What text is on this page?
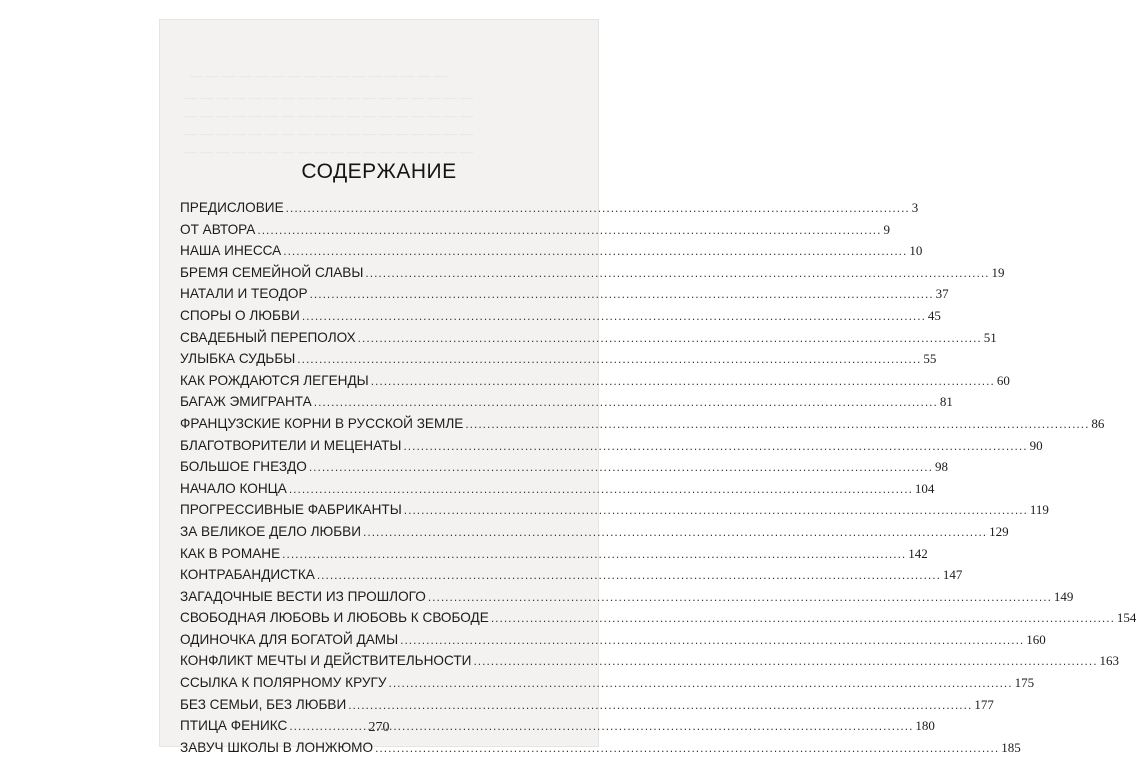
— — — — — — — — — — — — — — — —
— — — — — — — — — — — — — — — — — —
— — — — — — — — — — — — — — — — — —
— — — — — — — — — — — — — — — — — —
— — — — — — — — — — — — — — — — — —
СОДЕРЖАНИЕ
ПРЕДИСЛОВИЕ .....	3
ОТ АВТОРА .....	9
НАША ИНЕССА .....	10
БРЕМЯ СЕМЕЙНОЙ СЛАВЫ .....	19
НАТАЛИ И ТЕОДОР .....	37
СПОРЫ О ЛЮБВИ .....	45
СВАДЕБНЫЙ ПЕРЕПОЛОХ .....	51
УЛЫБКА СУДЬБЫ .....	55
КАК РОЖДАЮТСЯ ЛЕГЕНДЫ .....	60
БАГАЖ ЭМИГРАНТА .....	81
ФРАНЦУЗСКИЕ КОРНИ В РУССКОЙ ЗЕМЛЕ .....	86
БЛАГОТВОРИТЕЛИ И МЕЦЕНАТЫ .....	90
БОЛЬШОЕ ГНЕЗДО .....	98
НАЧАЛО КОНЦА .....	104
ПРОГРЕССИВНЫЕ ФАБРИКАНТЫ .....	119
ЗА ВЕЛИКОЕ ДЕЛО ЛЮБВИ .....	129
КАК В РОМАНЕ .....	142
КОНТРАБАНДИСТКА .....	147
ЗАГАДОЧНЫЕ ВЕСТИ ИЗ ПРОШЛОГО .....	149
СВОБОДНАЯ ЛЮБОВЬ И ЛЮБОВЬ К СВОБОДЕ .....	154
ОДИНОЧКА ДЛЯ БОГАТОЙ ДАМЫ .....	160
КОНФЛИКТ МЕЧТЫ И ДЕЙСТВИТЕЛЬНОСТИ .....	163
ССЫЛКА К ПОЛЯРНОМУ КРУГУ .....	175
БЕЗ СЕМЬИ, БЕЗ ЛЮБВИ .....	177
ПТИЦА ФЕНИКС .....	180
ЗАВУЧ ШКОЛЫ В ЛОНЖЮМО .....	185
270
